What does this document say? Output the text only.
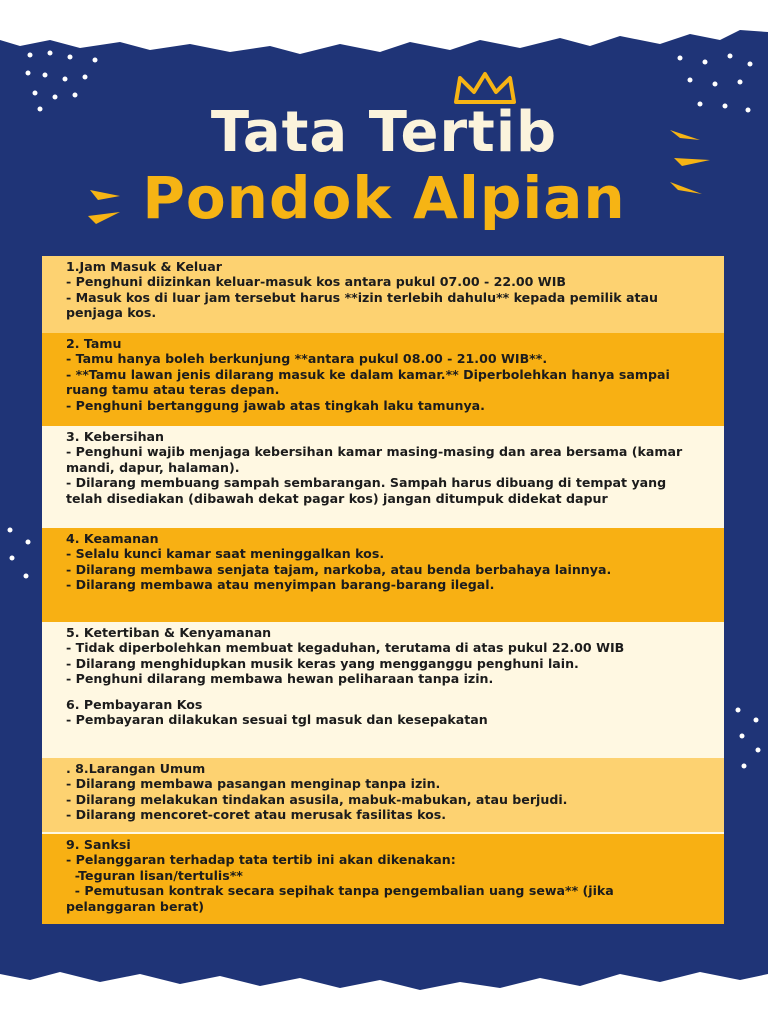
Tata Tertib
Pondok Alpian
1.Jam Masuk & Keluar
- Penghuni diizinkan keluar-masuk kos antara pukul 07.00 - 22.00 WIB
- Masuk kos di luar jam tersebut harus **izin terlebih dahulu** kepada pemilik atau penjaga kos.
2. Tamu
- Tamu hanya boleh berkunjung **antara pukul 08.00 - 21.00 WIB**.
- **Tamu lawan jenis dilarang masuk ke dalam kamar.** Diperbolehkan hanya sampai ruang tamu atau teras depan.
- Penghuni bertanggung jawab atas tingkah laku tamunya.
3. Kebersihan
- Penghuni wajib menjaga kebersihan kamar masing-masing dan area bersama (kamar mandi, dapur, halaman).
- Dilarang membuang sampah sembarangan. Sampah harus dibuang di tempat yang telah disediakan (dibawah dekat pagar kos) jangan ditumpuk didekat dapur
4. Keamanan
- Selalu kunci kamar saat meninggalkan kos.
- Dilarang membawa senjata tajam, narkoba, atau benda berbahaya lainnya.
- Dilarang membawa atau menyimpan barang-barang ilegal.
5. Ketertiban & Kenyamanan
- Tidak diperbolehkan membuat kegaduhan, terutama di atas pukul 22.00 WIB
- Dilarang menghidupkan musik keras yang mengganggu penghuni lain.
- Penghuni dilarang membawa hewan peliharaan tanpa izin.
6. Pembayaran Kos
- Pembayaran dilakukan sesuai tgl masuk dan kesepakatan
. 8.Larangan Umum
- Dilarang membawa pasangan menginap tanpa izin.
- Dilarang melakukan tindakan asusila, mabuk-mabukan, atau berjudi.
- Dilarang mencoret-coret atau merusak fasilitas kos.
9. Sanksi
- Pelanggaran terhadap tata tertib ini akan dikenakan:
-Teguran lisan/tertulis**
- Pemutusan kontrak secara sepihak tanpa pengembalian uang sewa** (jika pelanggaran berat)
